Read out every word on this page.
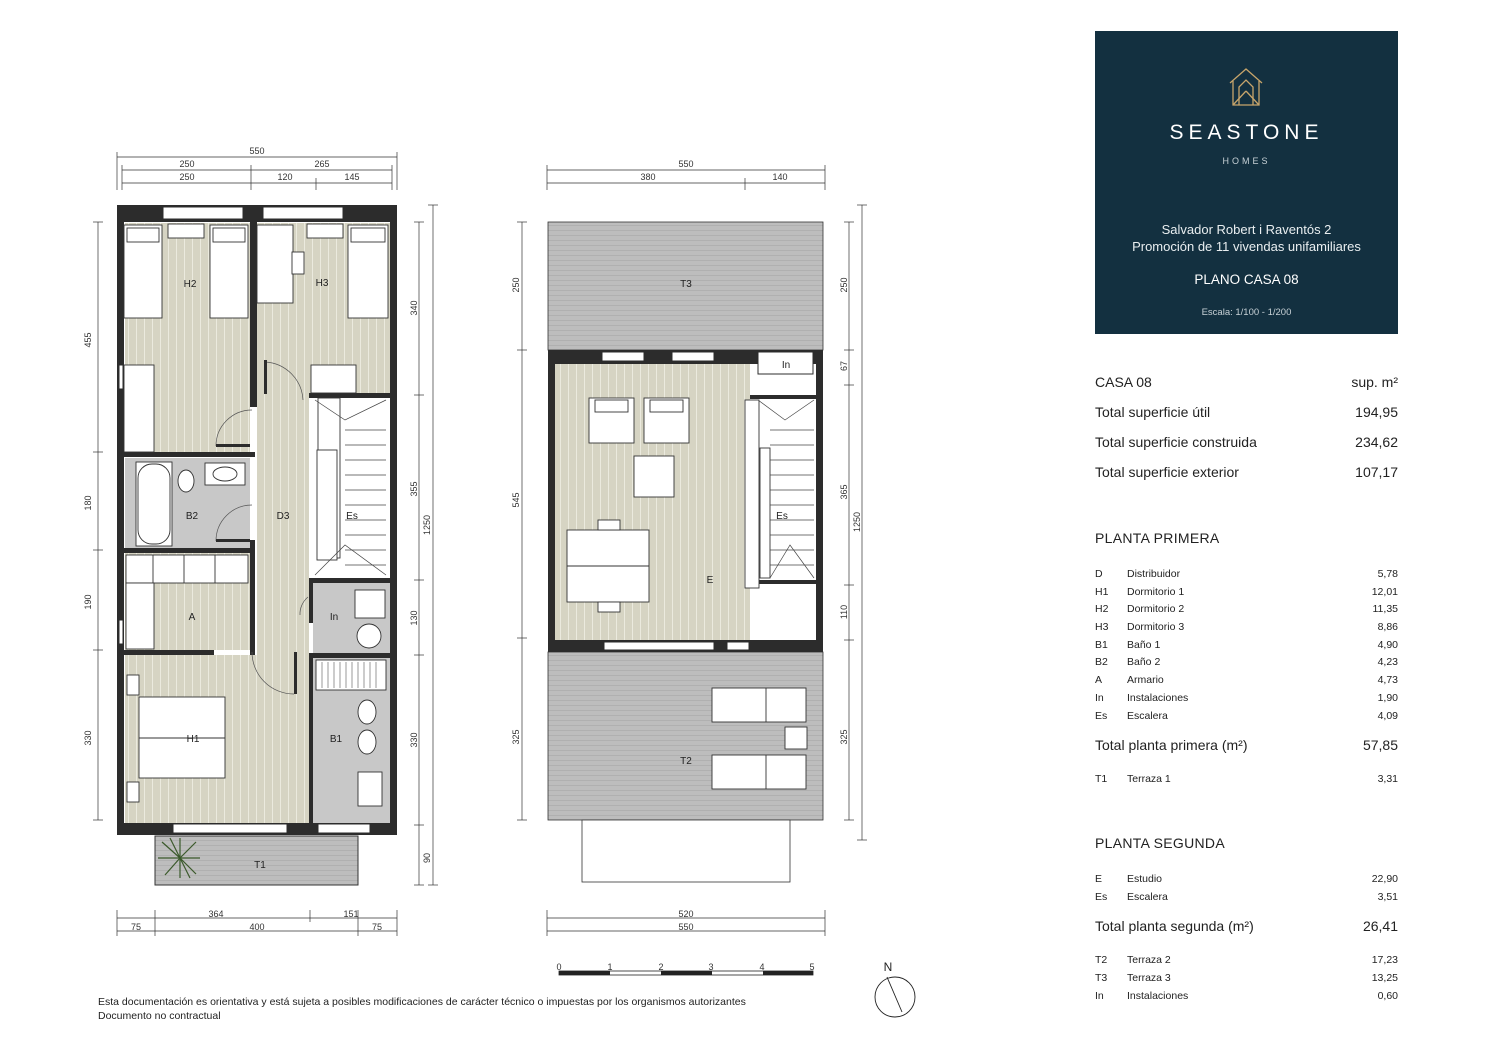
550
250	265
250	120	145
455
180
190
330
340
355
130
330
90
1250
364	151
75	400	75
H2	H3
D3	Es
B2
A	In
H1	B1
T1
550
380	140
250
545
325
250
67
365
110
325
1250
520
550
T3
In
Es
E
T2
0	1	2	3	4	5	N
SEASTONE
HOMES
Salvador Robert i Raventós 2
Promoción de 11 vivendas unifamiliares
PLANO CASA 08
Escala: 1/100 - 1/200
CASA 08	sup. m²
Total superficie útil	194,95
Total superficie construida	234,62
Total superficie exterior	107,17
PLANTA PRIMERA
D Distribuidor	5,78
H1 Dormitorio 1	12,01
H2 Dormitorio 2	11,35
H3 Dormitorio 3	8,86
B1 Baño 1	4,90
B2 Baño 2	4,23
A Armario	4,73
In Instalaciones	1,90
Es Escalera	4,09
Total planta primera (m²)	57,85
T1 Terraza 1	3,31
PLANTA SEGUNDA
E Estudio	22,90
Es Escalera	3,51
Total planta segunda (m²)	26,41
T2 Terraza 2	17,23
T3 Terraza 3	13,25
In Instalaciones	0,60
Esta documentación es orientativa y está sujeta a posibles modificaciones de carácter técnico o impuestas por los organismos autorizantes
Documento no contractual
